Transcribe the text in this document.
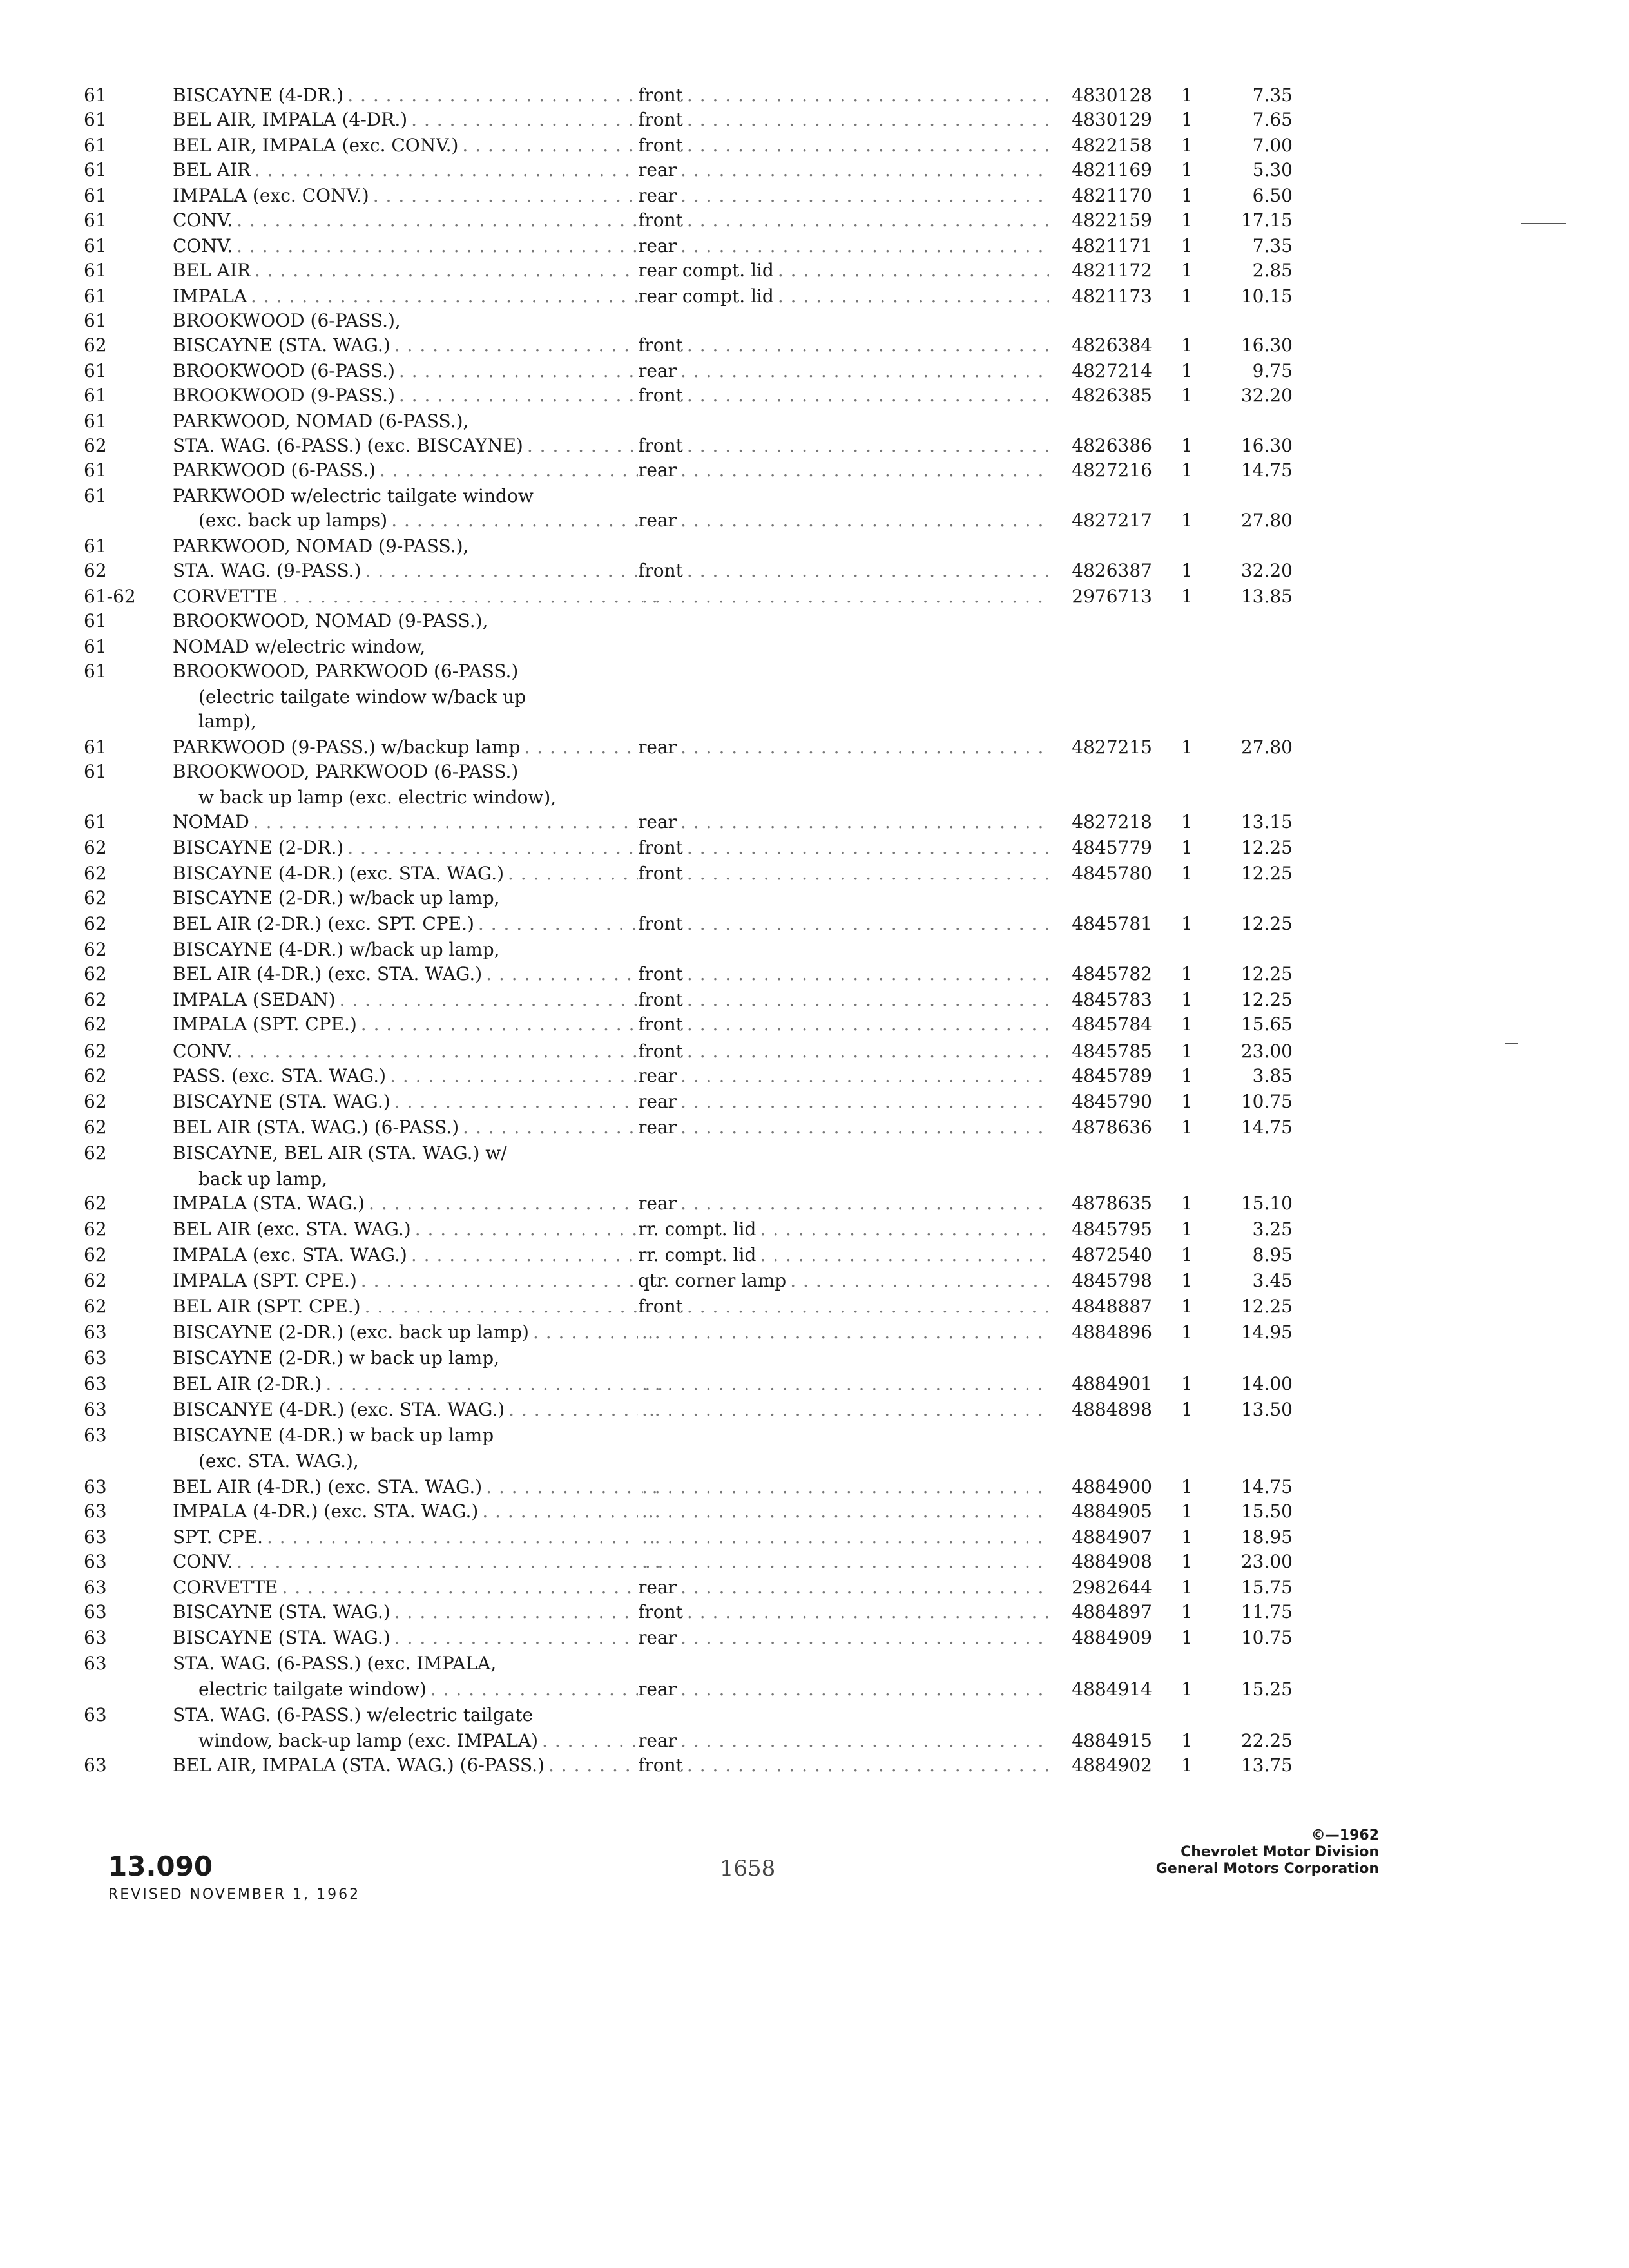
61	BISCAYNE (4-DR.) . . .	front . . .	4830128	1	7.35
61	BEL AIR, IMPALA (4-DR.) . . .	front . . .	4830129	1	7.65
61	BEL AIR, IMPALA (exc. CONV.) . . .	front . . .	4822158	1	7.00
61	BEL AIR . . .	rear . . .	4821169	1	5.30
61	IMPALA (exc. CONV.) . . .	rear . . .	4821170	1	6.50
61	CONV. . . .	front . . .	4822159	1	17.15
61	CONV. . . .	rear . . .	4821171	1	7.35
61	BEL AIR . . .	rear compt. lid . . .	4821172	1	2.85
61	IMPALA . . .	rear compt. lid . . .	4821173	1	10.15
61	BROOKWOOD (6-PASS.),
62	BISCAYNE (STA. WAG.) . . .	front . . .	4826384	1	16.30
61	BROOKWOOD (6-PASS.) . . .	rear . . .	4827214	1	9.75
61	BROOKWOOD (9-PASS.) . . .	front . . .	4826385	1	32.20
61	PARKWOOD, NOMAD (6-PASS.),
62	STA. WAG. (6-PASS.) (exc. BISCAYNE) . . .	front . . .	4826386	1	16.30
61	PARKWOOD (6-PASS.) . . .	rear . . .	4827216	1	14.75
61	PARKWOOD w/electric tailgate window
(exc. back up lamps) . . .	rear . . .	4827217	1	27.80
61	PARKWOOD, NOMAD (9-PASS.),
62	STA. WAG. (9-PASS.) . . .	front . . .	4826387	1	32.20
61-62	CORVETTE . . . . . .	2976713	1	13.85
61	BROOKWOOD, NOMAD (9-PASS.),
61	NOMAD w/electric window,
61	BROOKWOOD, PARKWOOD (6-PASS.)
(electric tailgate window w/back up
lamp),
61	PARKWOOD (9-PASS.) w/backup lamp . . .	rear . . .	4827215	1	27.80
61	BROOKWOOD, PARKWOOD (6-PASS.)
w back up lamp (exc. electric window),
61	NOMAD . . .	rear . . .	4827218	1	13.15
62	BISCAYNE (2-DR.) . . .	front . . .	4845779	1	12.25
62	BISCAYNE (4-DR.) (exc. STA. WAG.) . . .	front . . .	4845780	1	12.25
62	BISCAYNE (2-DR.) w/back up lamp,
62	BEL AIR (2-DR.) (exc. SPT. CPE.) . . .	front . . .	4845781	1	12.25
62	BISCAYNE (4-DR.) w/back up lamp,
62	BEL AIR (4-DR.) (exc. STA. WAG.) . . .	front . . .	4845782	1	12.25
62	IMPALA (SEDAN) . . .	front . . .	4845783	1	12.25
62	IMPALA (SPT. CPE.) . . .	front . . .	4845784	1	15.65
62	CONV. . . .	front . . .	4845785	1	23.00
62	PASS. (exc. STA. WAG.) . . .	rear . . .	4845789	1	3.85
62	BISCAYNE (STA. WAG.) . . .	rear . . .	4845790	1	10.75
62	BEL AIR (STA. WAG.) (6-PASS.) . . .	rear . . .	4878636	1	14.75
62	BISCAYNE, BEL AIR (STA. WAG.) w/
back up lamp,
62	IMPALA (STA. WAG.) . . .	rear . . .	4878635	1	15.10
62	BEL AIR (exc. STA. WAG.) . . .	rr. compt. lid . . .	4845795	1	3.25
62	IMPALA (exc. STA. WAG.) . . .	rr. compt. lid . . .	4872540	1	8.95
62	IMPALA (SPT. CPE.) . . .	qtr. corner lamp . . .	4845798	1	3.45
62	BEL AIR (SPT. CPE.) . . .	front . . .	4848887	1	12.25
63	BISCAYNE (2-DR.) (exc. back up lamp) . . . . . .	4884896	1	14.95
63	BISCAYNE (2-DR.) w back up lamp,
63	BEL AIR (2-DR.) . . . . . .	4884901	1	14.00
63	BISCANYE (4-DR.) (exc. STA. WAG.) . . . . . .	4884898	1	13.50
63	BISCAYNE (4-DR.) w back up lamp
(exc. STA. WAG.),
63	BEL AIR (4-DR.) (exc. STA. WAG.) . . . . . .	4884900	1	14.75
63	IMPALA (4-DR.) (exc. STA. WAG.) . . . . . .	4884905	1	15.50
63	SPT. CPE. . . . . . .	4884907	1	18.95
63	CONV. . . . . . .	4884908	1	23.00
63	CORVETTE . . .	rear . . .	2982644	1	15.75
63	BISCAYNE (STA. WAG.) . . .	front . . .	4884897	1	11.75
63	BISCAYNE (STA. WAG.) . . .	rear . . .	4884909	1	10.75
63	STA. WAG. (6-PASS.) (exc. IMPALA,
electric tailgate window) . . .	rear . . .	4884914	1	15.25
63	STA. WAG. (6-PASS.) w/electric tailgate
window, back-up lamp (exc. IMPALA) . . .	rear . . .	4884915	1	22.25
63	BEL AIR, IMPALA (STA. WAG.) (6-PASS.) . . .	front . . .	4884902	1	13.75
13.090
REVISED NOVEMBER 1, 1962
1658
©—1962
Chevrolet Motor Division
General Motors Corporation
